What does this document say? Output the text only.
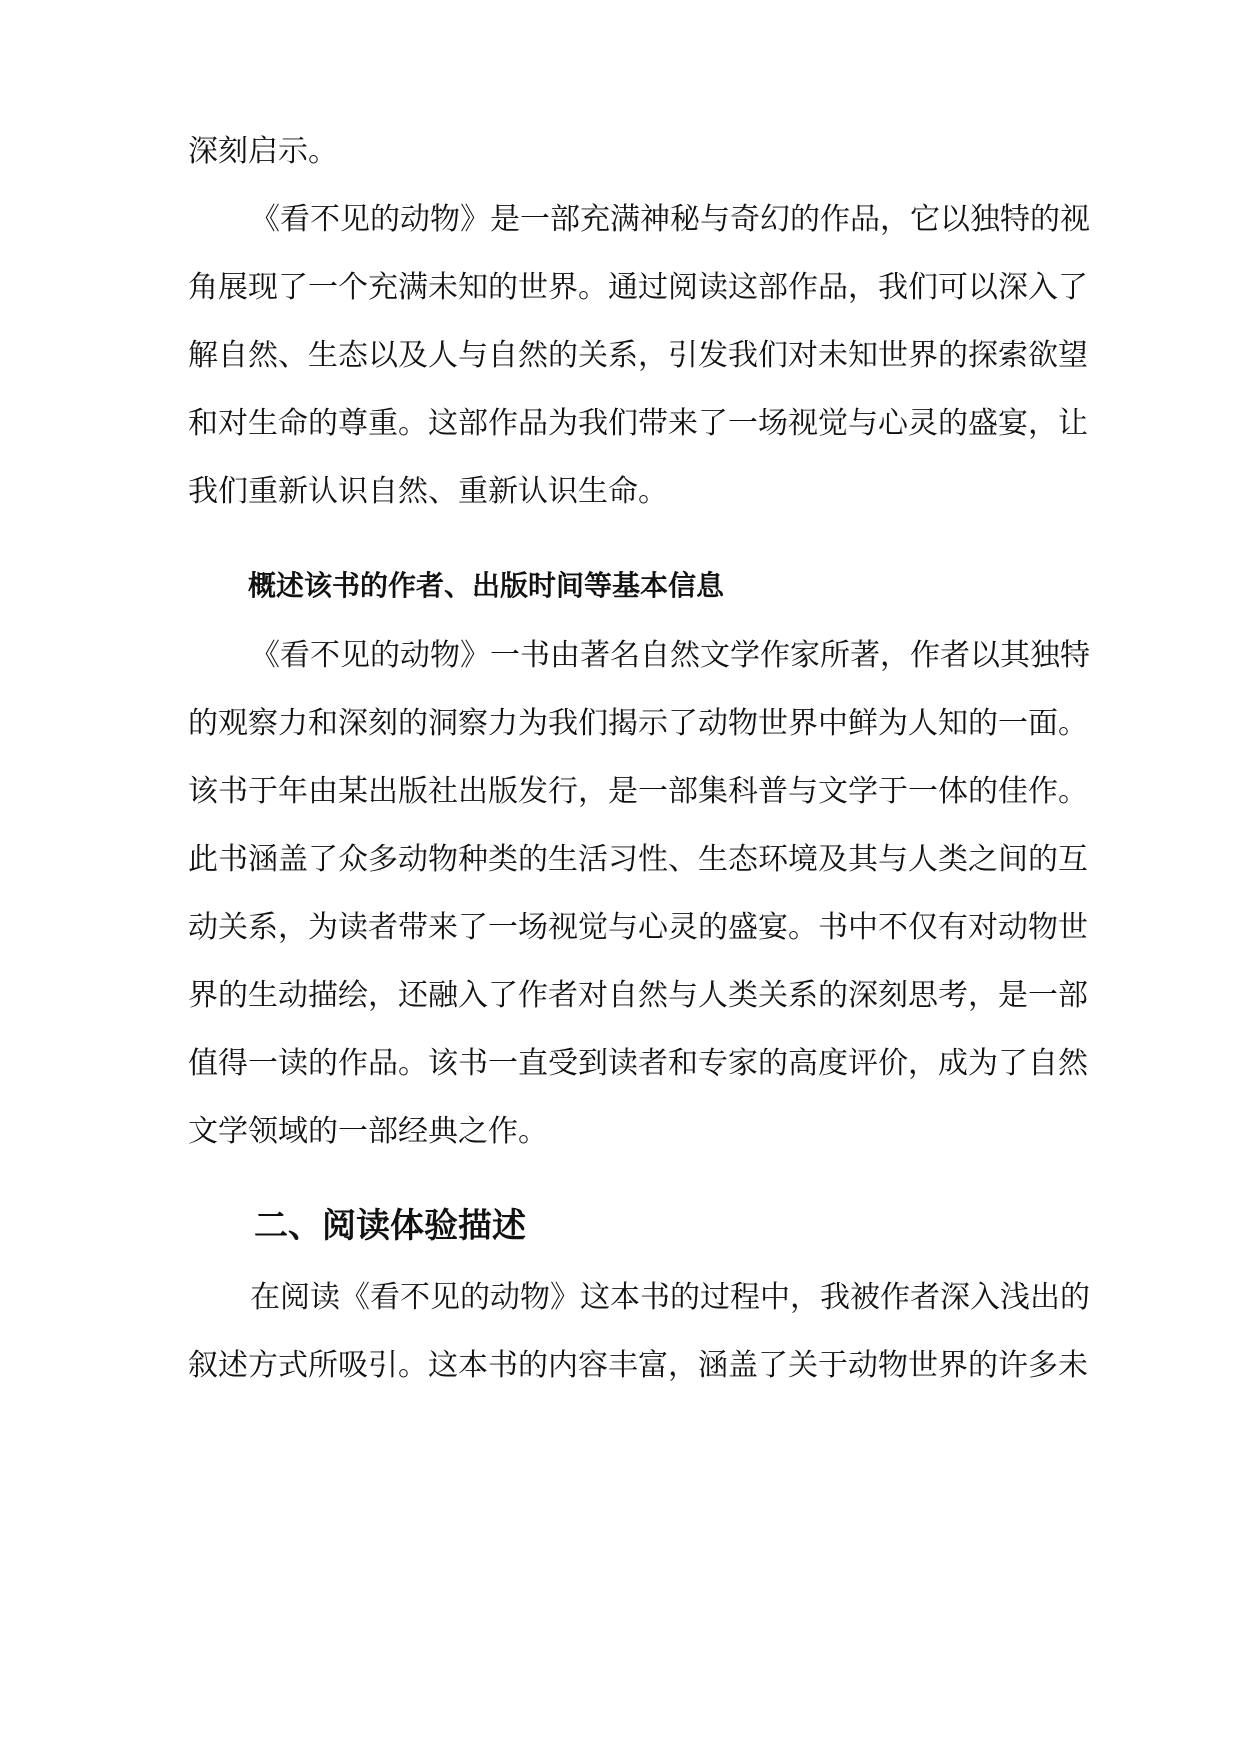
深刻启示。
《看不见的动物》是一部充满神秘与奇幻的作品，它以独特的视
角展现了一个充满未知的世界。通过阅读这部作品，我们可以深入了
解自然、生态以及人与自然的关系，引发我们对未知世界的探索欲望
和对生命的尊重。这部作品为我们带来了一场视觉与心灵的盛宴，让
我们重新认识自然、重新认识生命。
概述该书的作者、出版时间等基本信息
《看不见的动物》一书由著名自然文学作家所著，作者以其独特
的观察力和深刻的洞察力为我们揭示了动物世界中鲜为人知的一面。
该书于年由某出版社出版发行，是一部集科普与文学于一体的佳作。
此书涵盖了众多动物种类的生活习性、生态环境及其与人类之间的互
动关系，为读者带来了一场视觉与心灵的盛宴。书中不仅有对动物世
界的生动描绘，还融入了作者对自然与人类关系的深刻思考，是一部
值得一读的作品。该书一直受到读者和专家的高度评价，成为了自然
文学领域的一部经典之作。
二、阅读体验描述
在阅读《看不见的动物》这本书的过程中，我被作者深入浅出的
叙述方式所吸引。这本书的内容丰富，涵盖了关于动物世界的许多未
